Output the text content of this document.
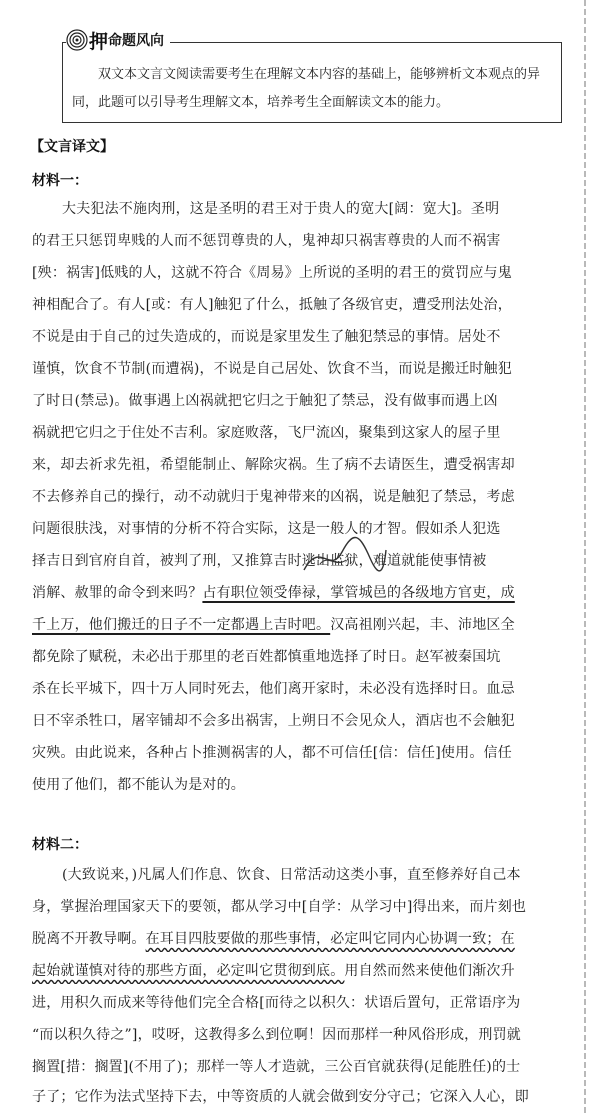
押 命题风向
双文本文言文阅读需要考生在理解文本内容的基础上，能够辨析文本观点的异
同，此题可以引导考生理解文本，培养考生全面解读文本的能力。
【文言译文】
材料一：
大夫犯法不施肉刑，这是圣明的君王对于贵人的宽大[阔：宽大]。圣明
的君王只惩罚卑贱的人而不惩罚尊贵的人，鬼神却只祸害尊贵的人而不祸害
[殃：祸害]低贱的人，这就不符合《周易》上所说的圣明的君王的赏罚应与鬼
神相配合了。有人[或：有人]触犯了什么，抵触了各级官吏，遭受刑法处治，
不说是由于自己的过失造成的，而说是家里发生了触犯禁忌的事情。居处不
谨慎，饮食不节制(而遭祸)，不说是自己居处、饮食不当，而说是搬迁时触犯
了时日(禁忌)。做事遇上凶祸就把它归之于触犯了禁忌，没有做事而遇上凶
祸就把它归之于住处不吉利。家庭败落，飞尸流凶，聚集到这家人的屋子里
来，却去祈求先祖，希望能制止、解除灾祸。生了病不去请医生，遭受祸害却
不去修养自己的操行，动不动就归于鬼神带来的凶祸，说是触犯了禁忌，考虑
问题很肤浅，对事情的分析不符合实际，这是一般人的才智。假如杀人犯选
择吉日到官府自首，被判了刑，又推算吉时逃出监狱，难道就能使事情被
消解、赦罪的命令到来吗？占有职位领受俸禄，掌管城邑的各级地方官吏，成
千上万，他们搬迁的日子不一定都遇上吉时吧。汉高祖刚兴起，丰、沛地区全
都免除了赋税，未必出于那里的老百姓都慎重地选择了时日。赵军被秦国坑
杀在长平城下，四十万人同时死去，他们离开家时，未必没有选择时日。血忌
日不宰杀牲口，屠宰铺却不会多出祸害，上朔日不会见众人，酒店也不会触犯
灾殃。由此说来，各种占卜推测祸害的人，都不可信任[信：信任]使用。信任
使用了他们，都不能认为是对的。
材料二：
(大致说来，)凡属人们作息、饮食、日常活动这类小事，直至修养好自己本
身，掌握治理国家天下的要领，都从学习中[自学：从学习中]得出来，而片刻也
脱离不开教导啊。在耳目四肢要做的那些事情，必定叫它同内心协调一致；在
起始就谨慎对待的那些方面，必定叫它贯彻到底。用自然而然来使他们渐次升
进，用积久而成来等待他们完全合格[而待之以积久：状语后置句，正常语序为
“而以积久待之”]，哎呀，这教得多么到位啊！因而那样一种风俗形成，刑罚就
搁置[措：搁置](不用了)；那样一等人才造就，三公百官就获得(足能胜任)的士
子了；它作为法式坚持下去，中等资质的人就会做到安分守己；它深入人心，即
